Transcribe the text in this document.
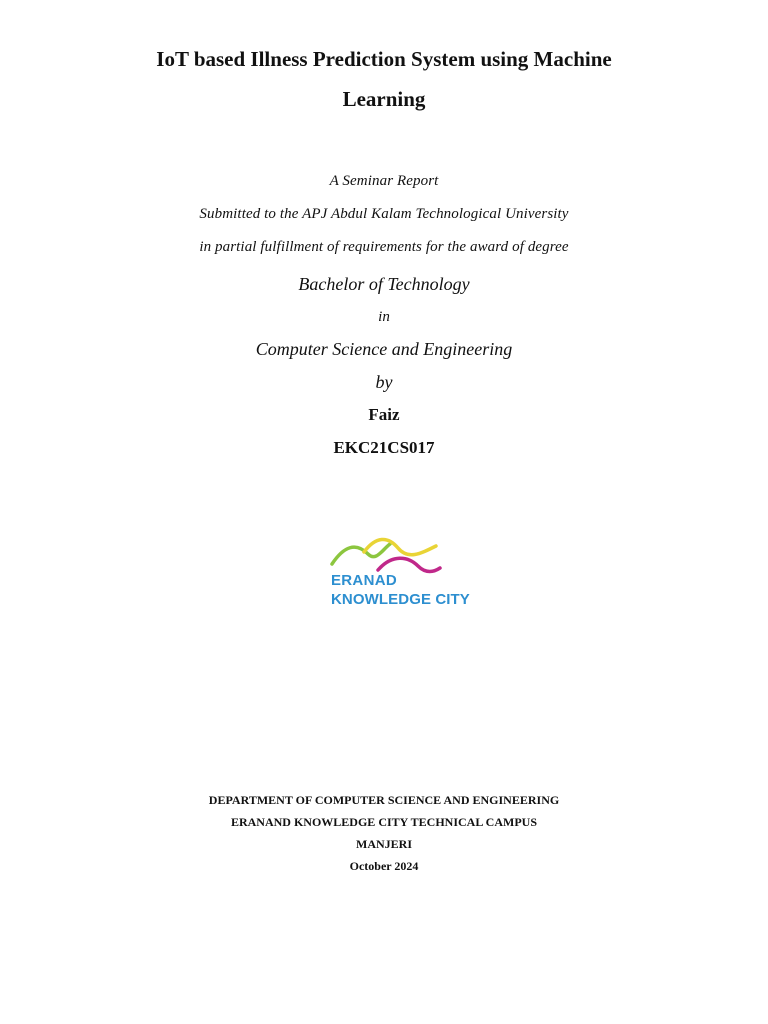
IoT based Illness Prediction System using Machine
Learning
A Seminar Report
Submitted to the APJ Abdul Kalam Technological University
in partial fulfillment of requirements for the award of degree
Bachelor of Technology
in
Computer Science and Engineering
by
Faiz
EKC21CS017
ERANAD
KNOWLEDGE CITY
DEPARTMENT OF COMPUTER SCIENCE AND ENGINEERING
ERANAND KNOWLEDGE CITY TECHNICAL CAMPUS
MANJERI
October 2024
